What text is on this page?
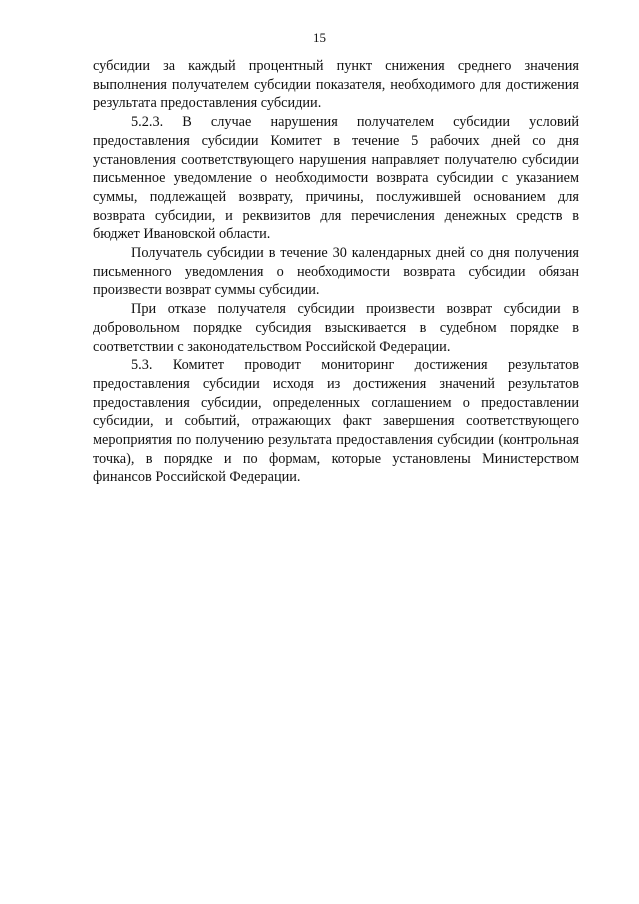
15

субсидии за каждый процентный пункт снижения среднего значения выполнения получателем субсидии показателя, необходимого для достижения результата предоставления субсидии.

5.2.3. В случае нарушения получателем субсидии условий предоставления субсидии Комитет в течение 5 рабочих дней со дня установления соответствующего нарушения направляет получателю субсидии письменное уведомление о необходимости возврата субсидии с указанием суммы, подлежащей возврату, причины, послужившей основанием для возврата субсидии, и реквизитов для перечисления денежных средств в бюджет Ивановской области.

Получатель субсидии в течение 30 календарных дней со дня получения письменного уведомления о необходимости возврата субсидии обязан произвести возврат суммы субсидии.

При отказе получателя субсидии произвести возврат субсидии в добровольном порядке субсидия взыскивается в судебном порядке в соответствии с законодательством Российской Федерации.

5.3. Комитет проводит мониторинг достижения результатов предоставления субсидии исходя из достижения значений результатов предоставления субсидии, определенных соглашением о предоставлении субсидии, и событий, отражающих факт завершения соответствующего мероприятия по получению результата предоставления субсидии (контрольная точка), в порядке и по формам, которые установлены Министерством финансов Российской Федерации.
